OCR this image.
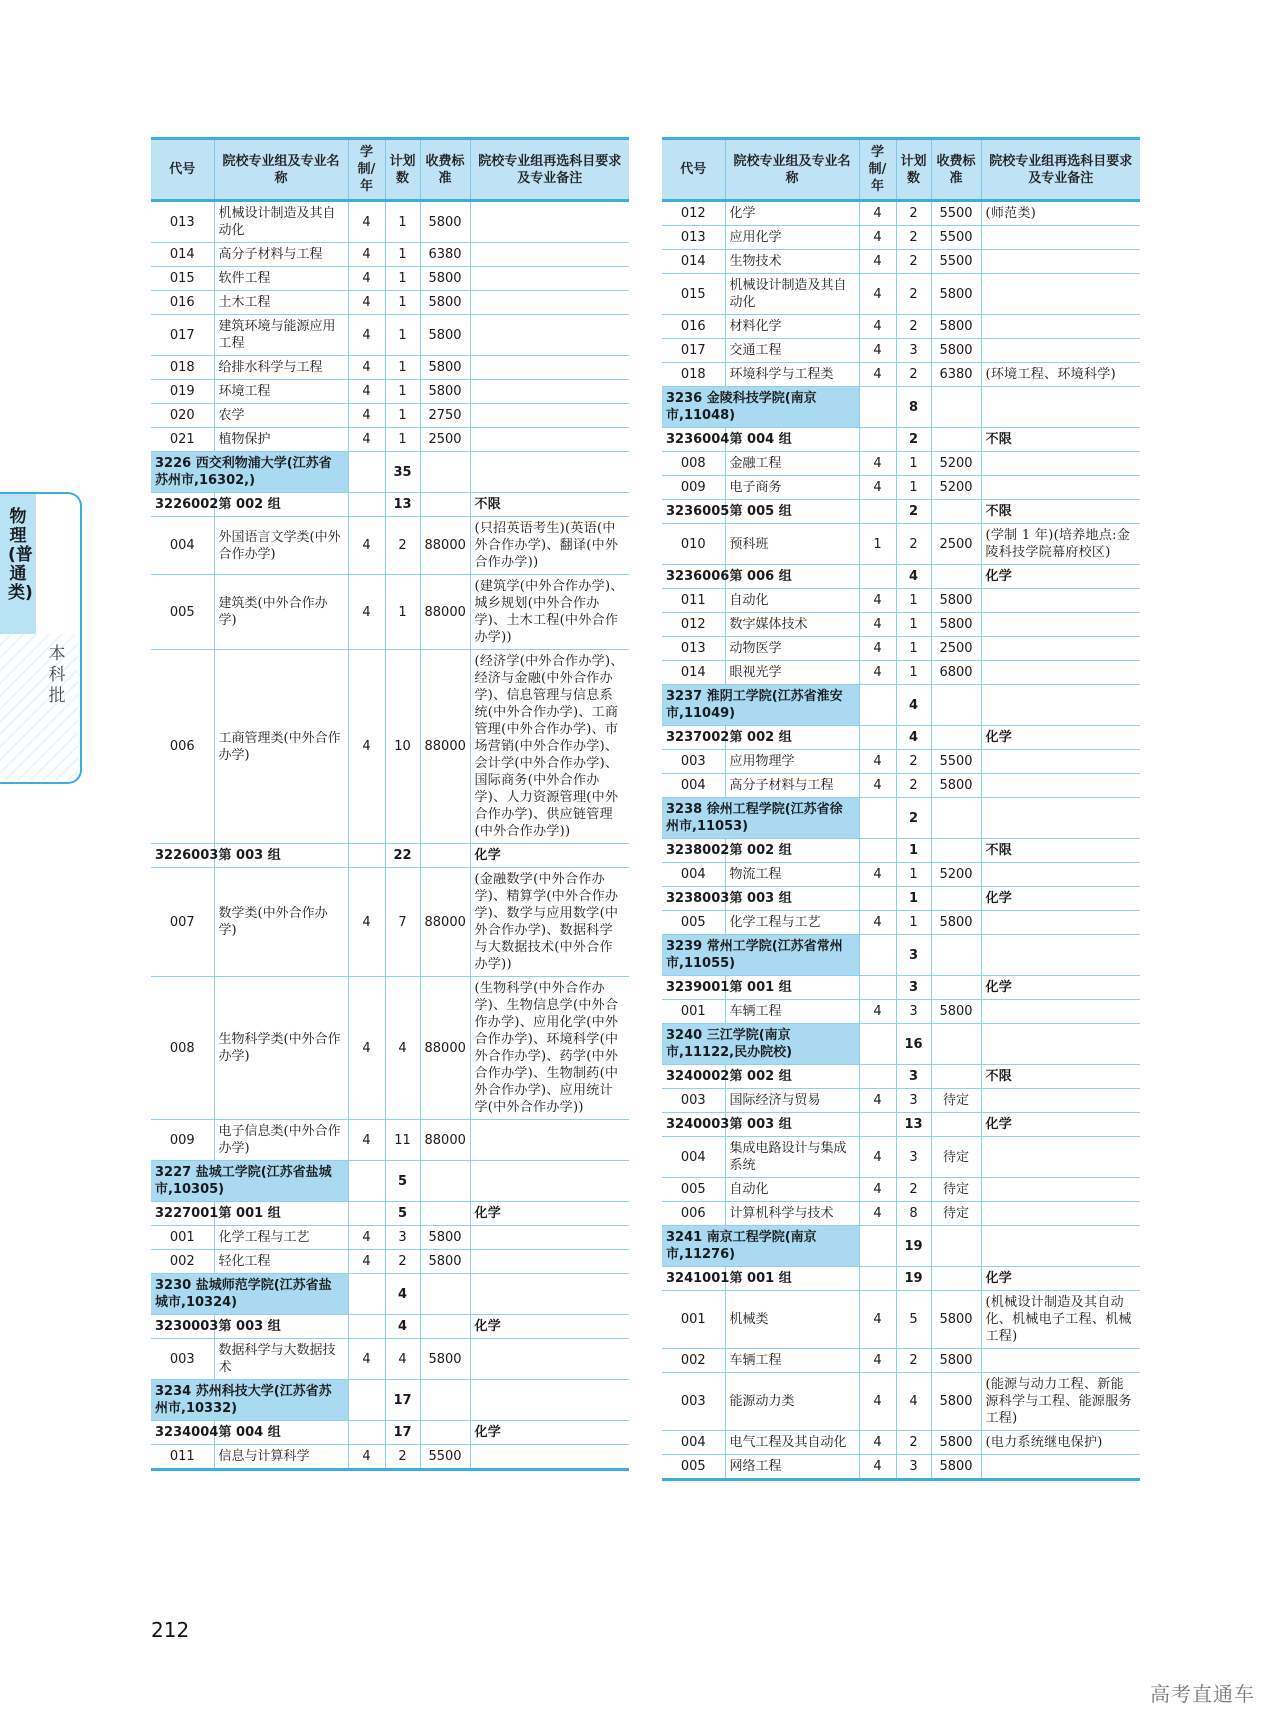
物理(普通类)
本科批
代号	院校专业组及专业名称	学制/年	计划数	收费标准	院校专业组再选科目要求及专业备注
013	机械设计制造及其自动化	4	1	5800	
014	高分子材料与工程	4	1	6380	
015	软件工程	4	1	5800	
016	土木工程	4	1	5800	
017	建筑环境与能源应用工程	4	1	5800	
018	给排水科学与工程	4	1	5800	
019	环境工程	4	1	5800	
020	农学	4	1	2750	
021	植物保护	4	1	2500	
3226 西交利物浦大学(江苏省苏州市,16302,)			35		
3226002	第 002 组		13		不限
004	外国语言文学类(中外合作办学)	4	2	88000	(只招英语考生)(英语(中外合作办学)、翻译(中外合作办学))
005	建筑类(中外合作办学)	4	1	88000	(建筑学(中外合作办学)、城乡规划(中外合作办学)、土木工程(中外合作办学))
006	工商管理类(中外合作办学)	4	10	88000	(经济学(中外合作办学)、经济与金融(中外合作办学)、信息管理与信息系统(中外合作办学)、工商管理(中外合作办学)、市场营销(中外合作办学)、会计学(中外合作办学)、国际商务(中外合作办学)、人力资源管理(中外合作办学)、供应链管理(中外合作办学))
3226003	第 003 组		22		化学
007	数学类(中外合作办学)	4	7	88000	(金融数学(中外合作办学)、精算学(中外合作办学)、数学与应用数学(中外合作办学)、数据科学与大数据技术(中外合作办学))
008	生物科学类(中外合作办学)	4	4	88000	(生物科学(中外合作办学)、生物信息学(中外合作办学)、应用化学(中外合作办学)、环境科学(中外合作办学)、药学(中外合作办学)、生物制药(中外合作办学)、应用统计学(中外合作办学))
009	电子信息类(中外合作办学)	4	11	88000	
3227 盐城工学院(江苏省盐城市,10305)			5		
3227001	第 001 组		5		化学
001	化学工程与工艺	4	3	5800	
002	轻化工程	4	2	5800	
3230 盐城师范学院(江苏省盐城市,10324)			4		
3230003	第 003 组		4		化学
003	数据科学与大数据技术	4	4	5800	
3234 苏州科技大学(江苏省苏州市,10332)			17		
3234004	第 004 组		17		化学
011	信息与计算科学	4	2	5500	
代号	院校专业组及专业名称	学制/年	计划数	收费标准	院校专业组再选科目要求及专业备注
012	化学	4	2	5500	(师范类)
013	应用化学	4	2	5500	
014	生物技术	4	2	5500	
015	机械设计制造及其自动化	4	2	5800	
016	材料化学	4	2	5800	
017	交通工程	4	3	5800	
018	环境科学与工程类	4	2	6380	(环境工程、环境科学)
3236 金陵科技学院(南京市,11048)			8		
3236004	第 004 组		2		不限
008	金融工程	4	1	5200	
009	电子商务	4	1	5200	
3236005	第 005 组		2		不限
010	预科班	1	2	2500	(学制 1 年)(培养地点:金陵科技学院幕府校区)
3236006	第 006 组		4		化学
011	自动化	4	1	5800	
012	数字媒体技术	4	1	5800	
013	动物医学	4	1	2500	
014	眼视光学	4	1	6800	
3237 淮阴工学院(江苏省淮安市,11049)			4		
3237002	第 002 组		4		化学
003	应用物理学	4	2	5500	
004	高分子材料与工程	4	2	5800	
3238 徐州工程学院(江苏省徐州市,11053)			2		
3238002	第 002 组		1		不限
004	物流工程	4	1	5200	
3238003	第 003 组		1		化学
005	化学工程与工艺	4	1	5800	
3239 常州工学院(江苏省常州市,11055)			3		
3239001	第 001 组		3		化学
001	车辆工程	4	3	5800	
3240 三江学院(南京市,11122,民办院校)			16		
3240002	第 002 组		3		不限
003	国际经济与贸易	4	3	待定	
3240003	第 003 组		13		化学
004	集成电路设计与集成系统	4	3	待定	
005	自动化	4	2	待定	
006	计算机科学与技术	4	8	待定	
3241 南京工程学院(南京市,11276)			19		
3241001	第 001 组		19		化学
001	机械类	4	5	5800	(机械设计制造及其自动化、机械电子工程、机械工程)
002	车辆工程	4	2	5800	
003	能源动力类	4	4	5800	(能源与动力工程、新能源科学与工程、能源服务工程)
004	电气工程及其自动化	4	2	5800	(电力系统继电保护)
005	网络工程	4	3	5800	
212
高考直通车
